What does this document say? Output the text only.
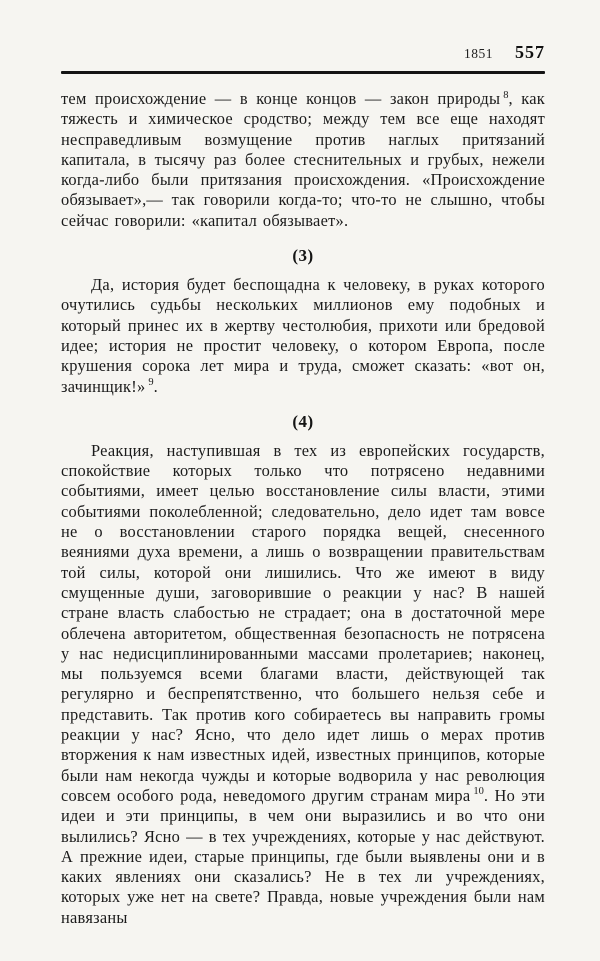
1851 557

тем происхождение — в конце концов — закон природы $^8$, как тяжесть и химическое сродство; между тем все еще находят несправедливым возмущение против наглых притязаний капитала, в тысячу раз более стеснительных и грубых, нежели когда-либо были притязания происхождения. «Происхождение обязывает»,— так говорили когда-то; что-то не слышно, чтобы сейчас говорили: «капитал обязывает».

(3)

Да, история будет беспощадна к человеку, в руках которого очутились судьбы нескольких миллионов ему подобных и который принес их в жертву честолюбия, прихоти или бредовой идее; история не простит человеку, о котором Европа, после крушения сорока лет мира и труда, сможет сказать: «вот он, зачинщик!» $^9$.

(4)

Реакция, наступившая в тех из европейских государств, спокойствие которых только что потрясено недавними событиями, имеет целью восстановление силы власти, этими событиями поколебленной; следовательно, дело идет там вовсе не о восстановлении старого порядка вещей, снесенного веяниями духа времени, а лишь о возвращении правительствам той силы, которой они лишились. Что же имеют в виду смущенные души, заговорившие о реакции у нас? В нашей стране власть слабостью не страдает; она в достаточной мере облечена авторитетом, общественная безопасность не потрясена у нас недисциплинированными массами пролетариев; наконец, мы пользуемся всеми благами власти, действующей так регулярно и беспрепятственно, что большего нельзя себе и представить. Так против кого собираетесь вы направить громы реакции у нас? Ясно, что дело идет лишь о мерах против вторжения к нам известных идей, известных принципов, которые были нам некогда чужды и которые водворила у нас революция совсем особого рода, неведомого другим странам мира $^{10}$. Но эти идеи и эти принципы, в чем они выразились и во что они вылились? Ясно — в тех учреждениях, которые у нас действуют. А прежние идеи, старые принципы, где были выявлены они и в каких явлениях они сказались? Не в тех ли учреждениях, которых уже нет на свете? Правда, новые учреждения были нам навязаны
